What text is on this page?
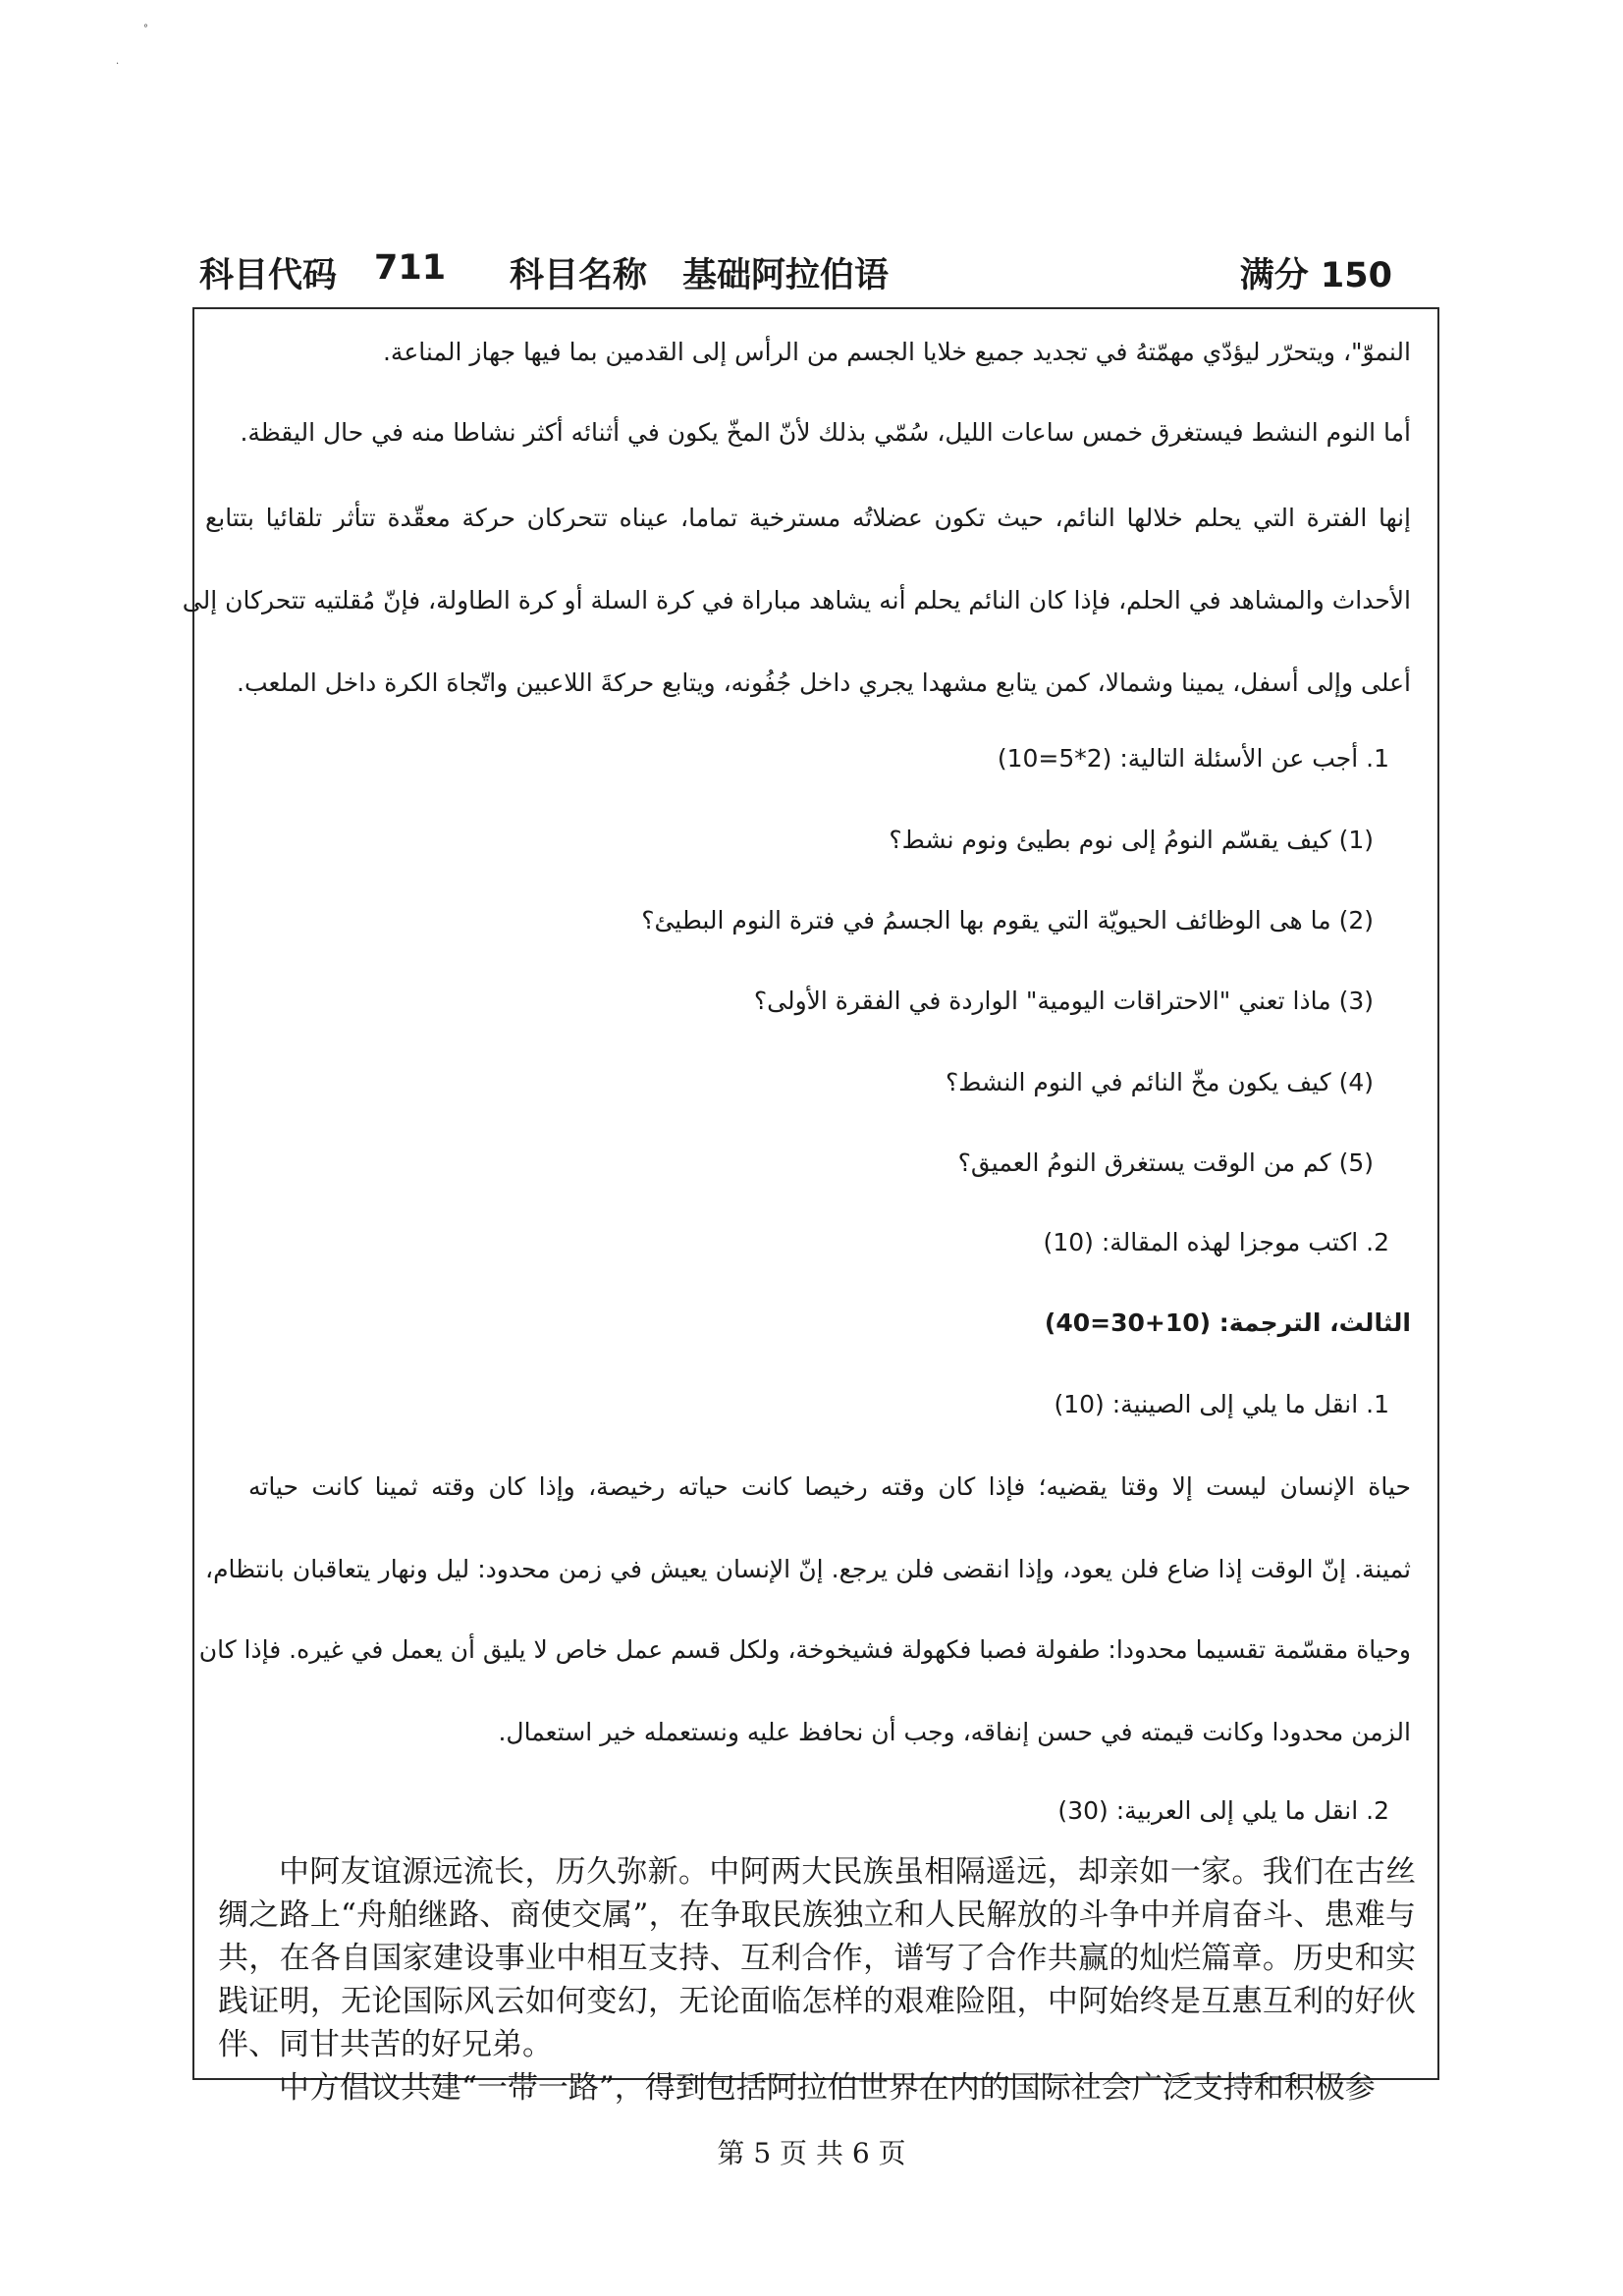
°
·
科目代码 711 科目名称 基础阿拉伯语	满分 150

النموّ"، ويتحرّر ليؤدّي مهمّتهُ في تجديد جميع خلايا الجسم من الرأس إلى القدمين بما فيها جهاز المناعة.

أما النوم النشط فيستغرق خمس ساعات الليل، سُمّي بذلك لأنّ المخّ يكون في أثنائه أكثر نشاطا منه في حال اليقظة.

إنها الفترة التي يحلم خلالها النائم، حيث تكون عضلاتُه مسترخية تماما، عيناه تتحركان حركة معقّدة تتأثر تلقائيا بتتابع

الأحداث والمشاهد في الحلم، فإذا كان النائم يحلم أنه يشاهد مباراة في كرة السلة أو كرة الطاولة، فإنّ مُقلتيه تتحركان إلى

أعلى وإلى أسفل، يمينا وشمالا، كمن يتابع مشهدا يجري داخل جُفُونه، ويتابع حركةَ اللاعبين واتّجاهَ الكرة داخل الملعب.

1. أجب عن الأسئلة التالية: (2*5=10)

(1) كيف يقسّم النومُ إلى نوم بطيئ ونوم نشط؟

(2) ما هى الوظائف الحيويّة التي يقوم بها الجسمُ في فترة النوم البطيئ؟

(3) ماذا تعني "الاحتراقات اليومية" الواردة في الفقرة الأولى؟

(4) كيف يكون مخّ النائم في النوم النشط؟

(5) كم من الوقت يستغرق النومُ العميق؟

2. اكتب موجزا لهذه المقالة: (10)

الثالث، الترجمة: (10+30=40)

1. انقل ما يلي إلى الصينية: (10)

حياة الإنسان ليست إلا وقتا يقضيه؛ فإذا كان وقته رخيصا كانت حياته رخيصة، وإذا كان وقته ثمينا كانت حياته

ثمينة. إنّ الوقت إذا ضاع فلن يعود، وإذا انقضى فلن يرجع. إنّ الإنسان يعيش في زمن محدود: ليل ونهار يتعاقبان بانتظام،

وحياة مقسّمة تقسيما محدودا: طفولة فصبا فكهولة فشيخوخة، ولكل قسم عمل خاص لا يليق أن يعمل في غيره. فإذا كان

الزمن محدودا وكانت قيمته في حسن إنفاقه، وجب أن نحافظ عليه ونستعمله خير استعمال.

2. انقل ما يلي إلى العربية: (30)

中阿友谊源远流长，历久弥新。中阿两大民族虽相隔遥远，却亲如一家。我们在古丝绸之路上“舟舶继路、商使交属”，在争取民族独立和人民解放的斗争中并肩奋斗、患难与共，在各自国家建设事业中相互支持、互利合作，谱写了合作共赢的灿烂篇章。历史和实践证明，无论国际风云如何变幻，无论面临怎样的艰难险阻，中阿始终是互惠互利的好伙伴、同甘共苦的好兄弟。

中方倡议共建“一带一路”，得到包括阿拉伯世界在内的国际社会广泛支持和积极参

第 5 页 共 6 页
